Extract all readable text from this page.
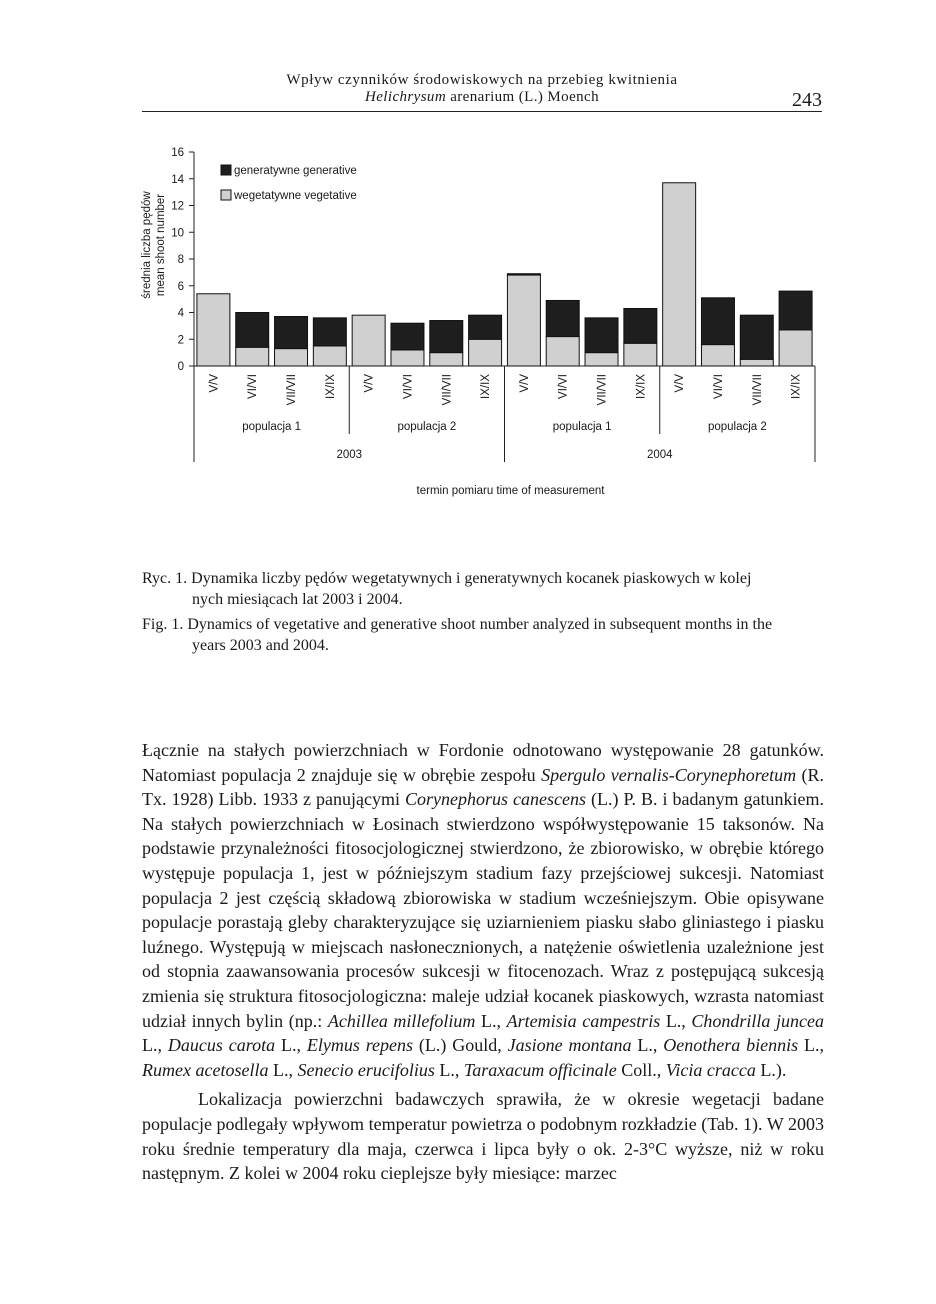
Wpływ czynników środowiskowych na przebieg kwitnienia
Helichrysum arenarium (L.) Moench	243
0
2
4
6
8
10
12
14
16
średnia liczba pędów mean shoot number
V/V VI/VI VII/VII IX/IX V/V VI/VI VII/VII IX/IX V/V VI/VI VII/VII IX/IX V/V VI/VI VII/VII IX/IX
populacja 1	populacja 2	populacja 1	populacja 2
2003	2004
termin pomiaru time of measurement
generatywne generative
wegetatywne vegetative
Ryc. 1. Dynamika liczby pędów wegetatywnych i generatywnych kocanek piaskowych w kolej
nych miesiącach lat 2003 i 2004.
Fig. 1. Dynamics of vegetative and generative shoot number analyzed in subsequent months in the
years 2003 and 2004.

Łącznie na stałych powierzchniach w Fordonie odnotowano występowanie 28 gatunków. Natomiast populacja 2 znajduje się w obrębie zespołu Spergulo vernalis-Corynephoretum (R. Tx. 1928) Libb. 1933 z panującymi Corynephorus canescens (L.) P. B. i badanym gatunkiem. Na stałych powierzchniach w Łosinach stwierdzono współwystępowanie 15 taksonów. Na podstawie przynależności fitosocjologicznej stwierdzono, że zbiorowisko, w obrębie którego występuje populacja 1, jest w późniejszym stadium fazy przejściowej sukcesji. Natomiast populacja 2 jest częścią składową zbiorowiska w stadium wcześniejszym. Obie opisywane populacje porastają gleby charakteryzujące się uziarnieniem piasku słabo gliniastego i piasku luźnego. Występują w miejscach nasłonecznionych, a natężenie oświetlenia uzależnione jest od stopnia zaawansowania procesów sukcesji w fitocenozach. Wraz z postępującą sukcesją zmienia się struktura fitosocjologiczna: maleje udział kocanek piaskowych, wzrasta natomiast udział innych bylin (np.: Achillea millefolium L., Artemisia campestris L., Chondrilla juncea L., Daucus carota L., Elymus repens (L.) Gould, Jasione montana L., Oenothera biennis L., Rumex acetosella L., Senecio erucifolius L., Taraxacum officinale Coll., Vicia cracca L.).

Lokalizacja powierzchni badawczych sprawiła, że w okresie wegetacji badane populacje podlegały wpływom temperatur powietrza o podobnym rozkładzie (Tab. 1). W 2003 roku średnie temperatury dla maja, czerwca i lipca były o ok. 2-3°C wyższe, niż w roku następnym. Z kolei w 2004 roku cieplejsze były miesiące: marzec
